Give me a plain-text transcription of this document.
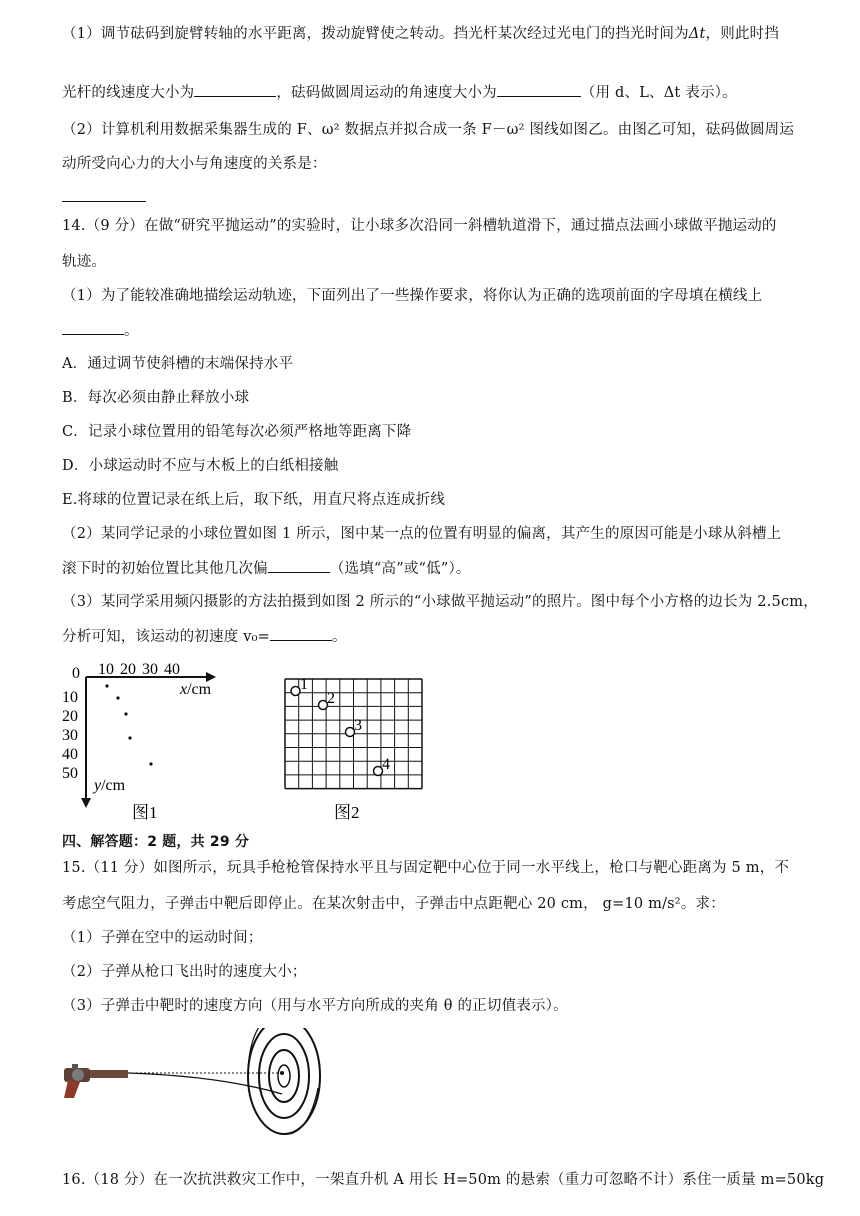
（1）调节砝码到旋臂转轴的水平距离，拨动旋臂使之转动。挡光杆某次经过光电门的挡光时间为Δt，则此时挡
光杆的线速度大小为	，砝码做圆周运动的角速度大小为	（用 d、L、Δt 表示）。
（2）计算机利用数据采集器生成的 F、ω² 数据点并拟合成一条 F－ω² 图线如图乙。由图乙可知，砝码做圆周运
动所受向心力的大小与角速度的关系是：
14.（9 分）在做“研究平抛运动”的实验时，让小球多次沿同一斜槽轨道滑下，通过描点法画小球做平抛运动的
轨迹。
（1）为了能较准确地描绘运动轨迹，下面列出了一些操作要求，将你认为正确的选项前面的字母填在横线上
。
A．通过调节使斜槽的末端保持水平
B．每次必须由静止释放小球
C．记录小球位置用的铅笔每次必须严格地等距离下降
D．小球运动时不应与木板上的白纸相接触
E.将球的位置记录在纸上后，取下纸，用直尺将点连成折线
（2）某同学记录的小球位置如图 1 所示，图中某一点的位置有明显的偏离，其产生的原因可能是小球从斜槽上
滚下时的初始位置比其他几次偏	（选填“高”或“低”）。
（3）某同学采用频闪摄影的方法拍摄到如图 2 所示的“小球做平抛运动”的照片。图中每个小方格的边长为 2.5cm，
分析可知，该运动的初速度 v₀=	。
0 10 20 30 40
x/cm
10
20
30
40
50
y/cm
图1
1
2
3
4
图2
四、解答题：2 题，共 29 分
15.（11 分）如图所示，玩具手枪枪管保持水平且与固定靶中心位于同一水平线上，枪口与靶心距离为 5 m，不
考虑空气阻力，子弹击中靶后即停止。在某次射击中，子弹击中点距靶心 20 cm， g=10 m/s²。求：
（1）子弹在空中的运动时间；
（2）子弹从枪口飞出时的速度大小；
（3）子弹击中靶时的速度方向（用与水平方向所成的夹角 θ 的正切值表示）。
16.（18 分）在一次抗洪救灾工作中，一架直升机 A 用长 H=50m 的悬索（重力可忽略不计）系住一质量 m=50kg
